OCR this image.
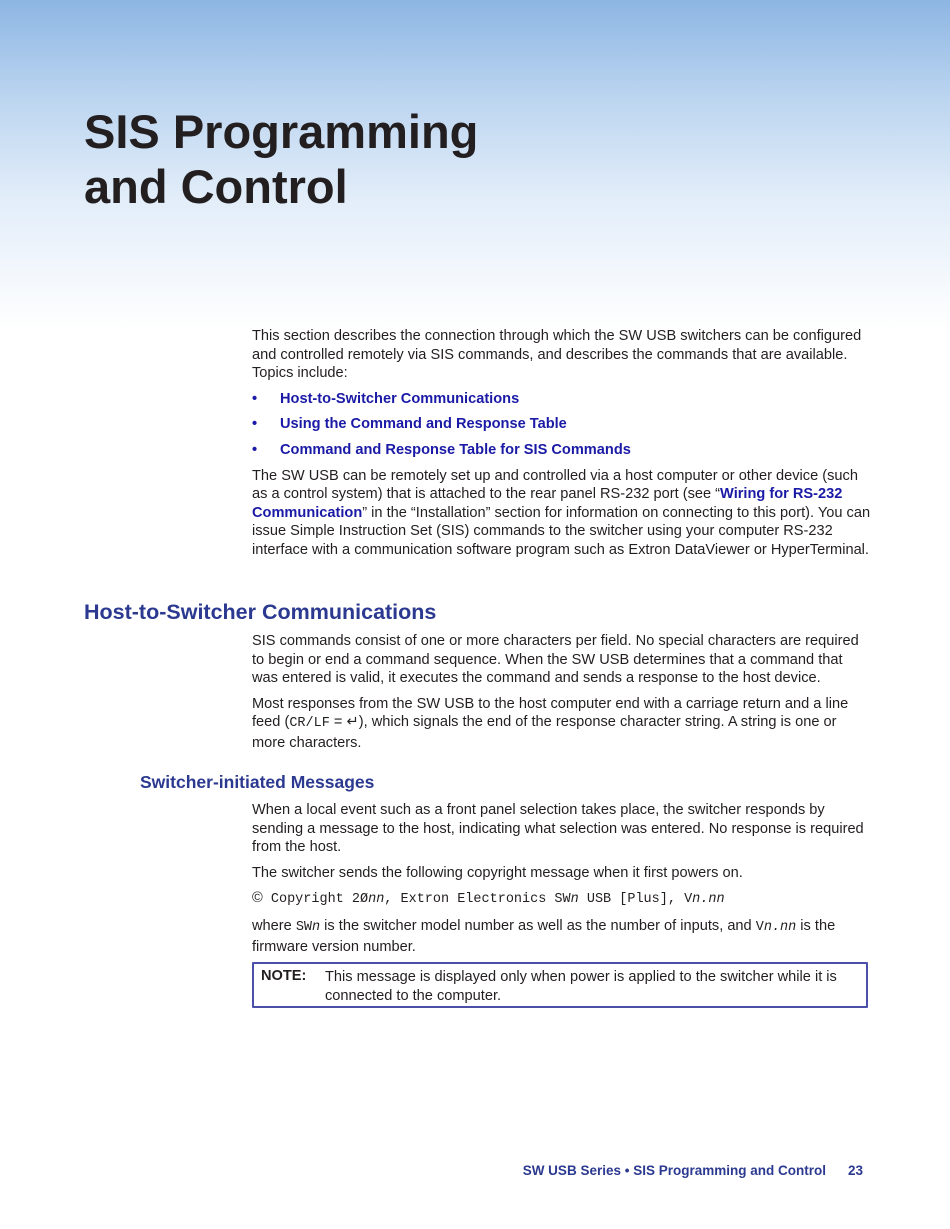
SIS Programming
and Control

This section describes the connection through which the SW USB switchers can be configured and controlled remotely via SIS commands, and describes the commands that are available. Topics include:

• Host-to-Switcher Communications
• Using the Command and Response Table
• Command and Response Table for SIS Commands

The SW USB can be remotely set up and controlled via a host computer or other device (such as a control system) that is attached to the rear panel RS-232 port (see “Wiring for RS-232 Communication” in the “Installation” section for information on connecting to this port). You can issue Simple Instruction Set (SIS) commands to the switcher using your computer RS-232 interface with a communication software program such as Extron DataViewer or HyperTerminal.

Host-to-Switcher Communications

SIS commands consist of one or more characters per field. No special characters are required to begin or end a command sequence. When the SW USB determines that a command that was entered is valid, it executes the command and sends a response to the host device.

Most responses from the SW USB to the host computer end with a carriage return and a line feed (CR/LF = ↵), which signals the end of the response character string. A string is one or more characters.

Switcher-initiated Messages

When a local event such as a front panel selection takes place, the switcher responds by sending a message to the host, indicating what selection was entered. No response is required from the host.

The switcher sends the following copyright message when it first powers on.

© Copyright 2Ønn, Extron Electronics SWn USB [Plus], Vn.nn

where SWn is the switcher model number as well as the number of inputs, and Vn.nn is the firmware version number.

NOTE: This message is displayed only when power is applied to the switcher while it is connected to the computer.
SW USB Series • SIS Programming and Control 23
